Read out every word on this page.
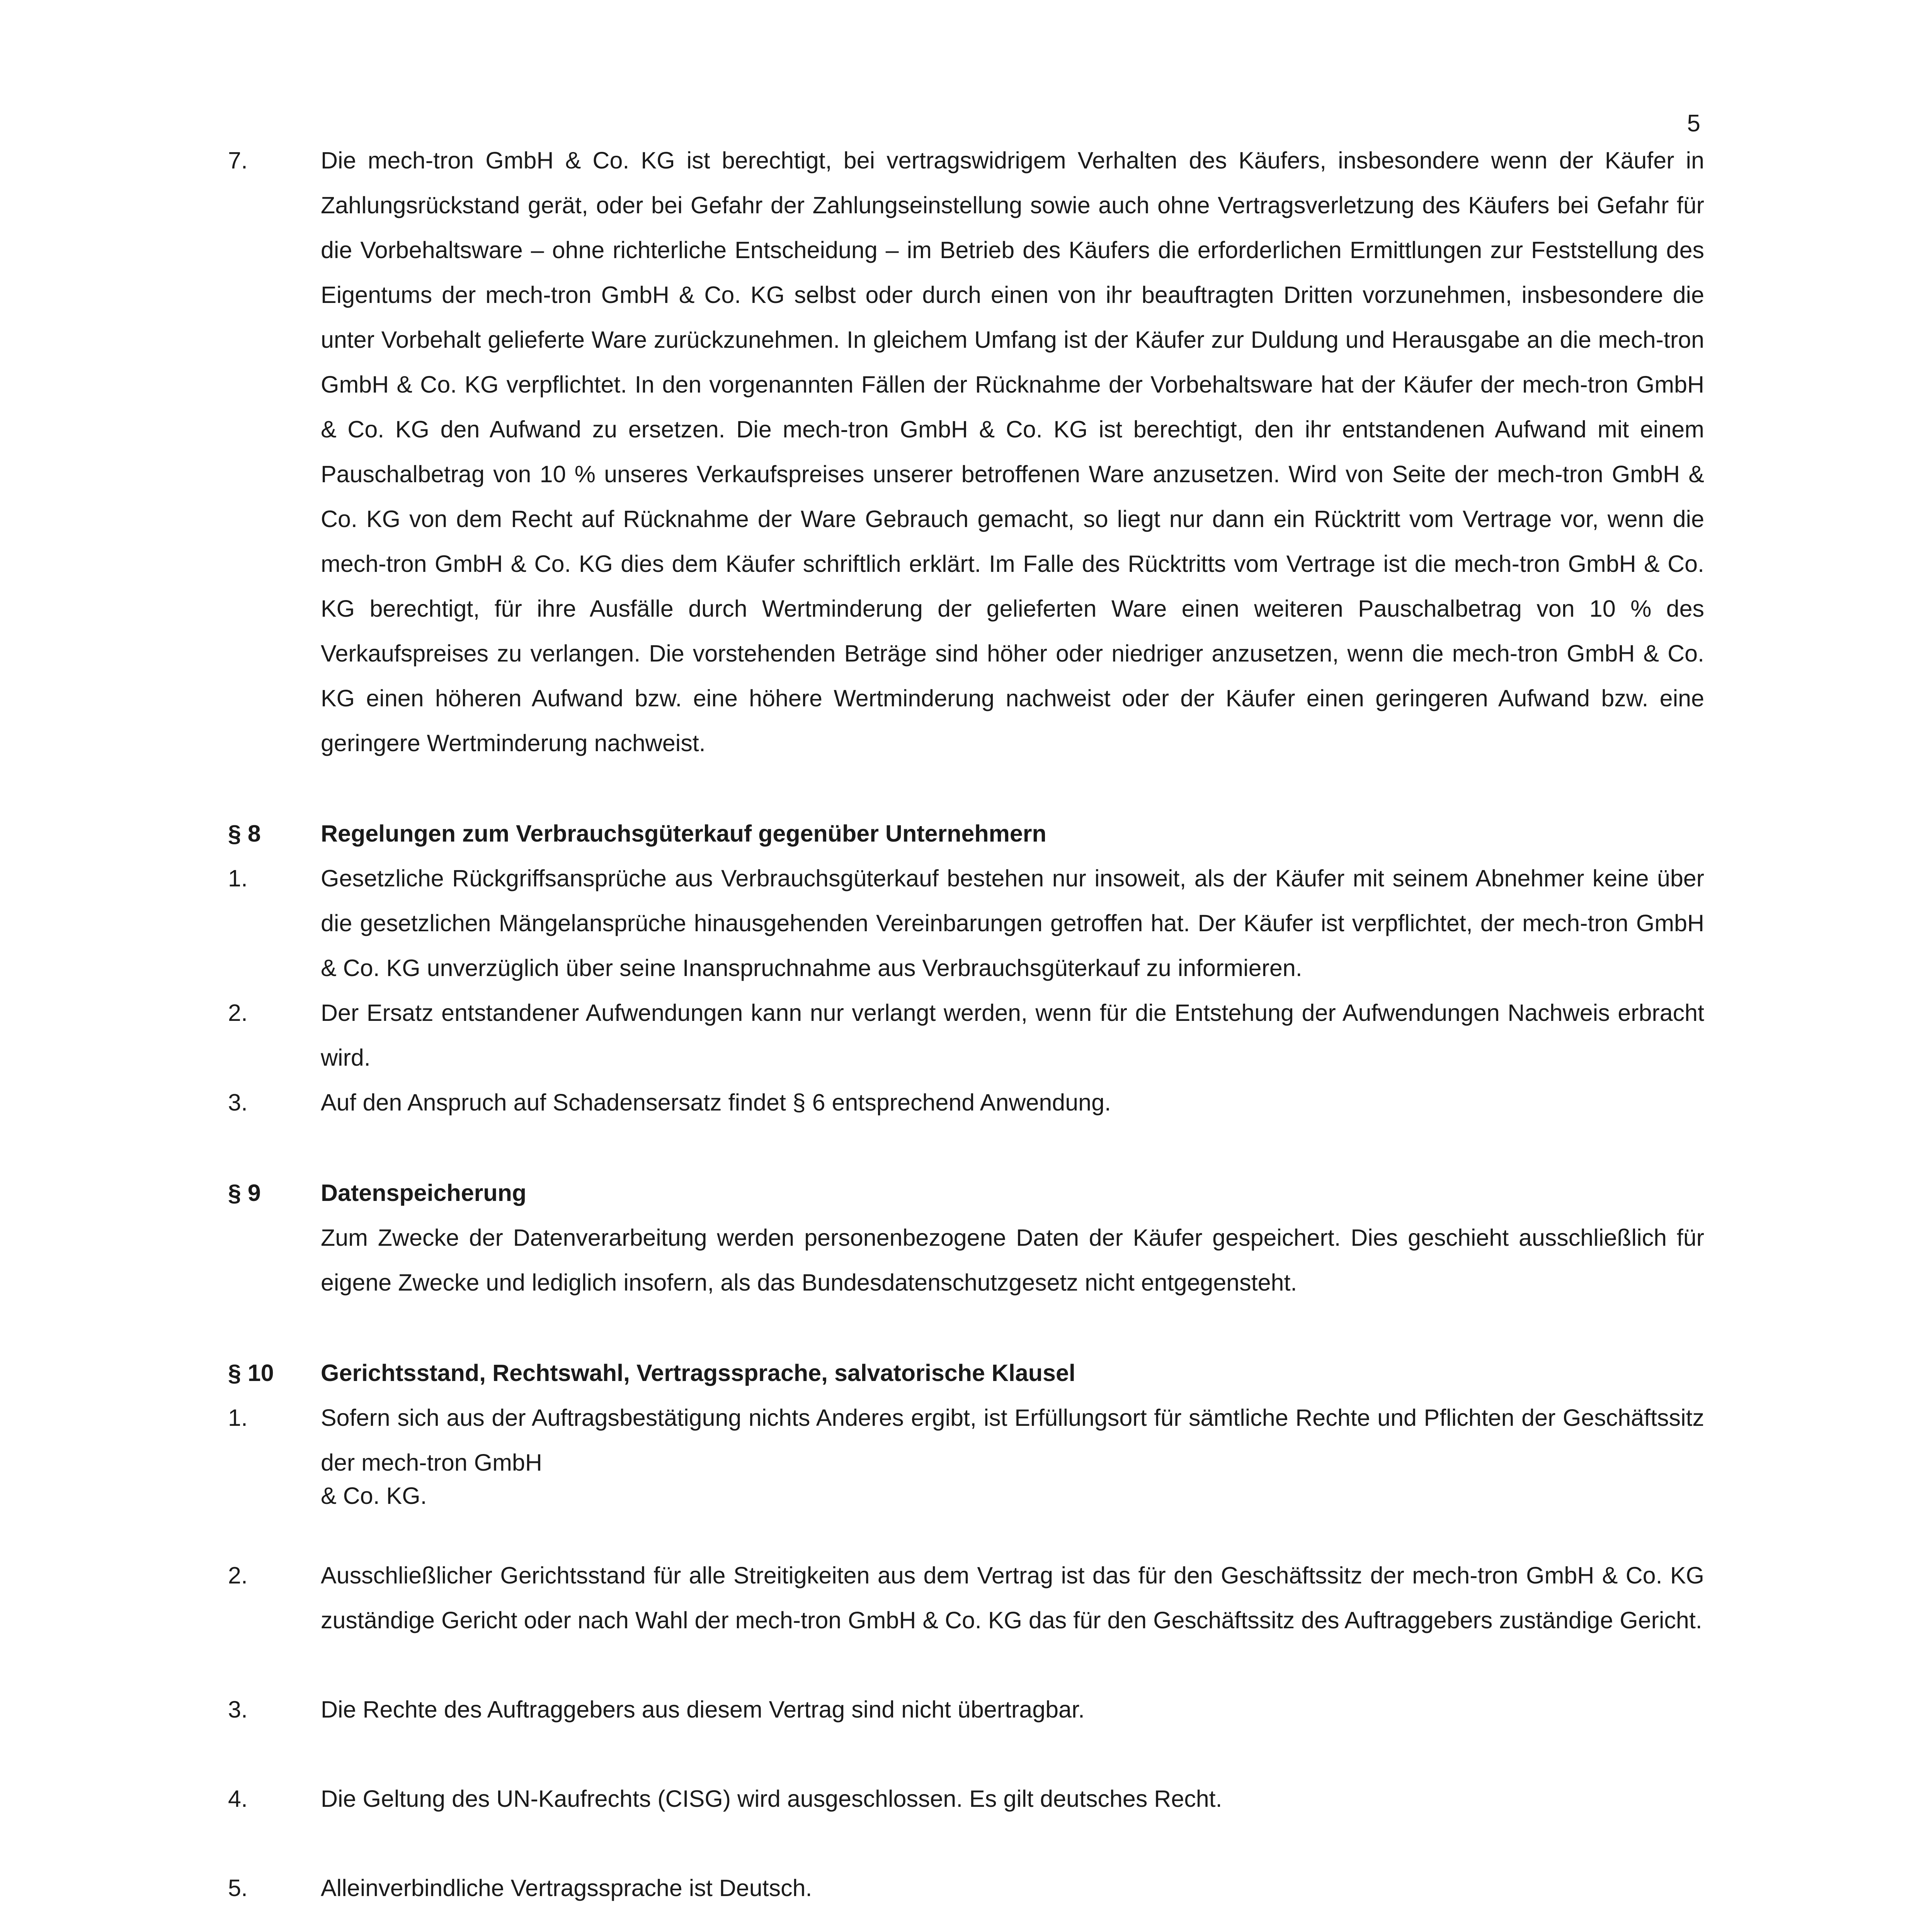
5
7.	Die mech-tron GmbH & Co. KG ist berechtigt, bei vertragswidrigem Verhalten des Käufers, insbesondere wenn der Käufer in Zahlungsrückstand gerät, oder bei Gefahr der Zahlungseinstellung sowie auch ohne Vertragsverletzung des Käufers bei Gefahr für die Vorbehaltsware – ohne richterliche Entscheidung – im Betrieb des Käufers die erforderlichen Ermittlungen zur Feststellung des Eigentums der mech-tron GmbH & Co. KG selbst oder durch einen von ihr beauftragten Dritten vorzunehmen, insbesondere die unter Vorbehalt gelieferte Ware zurückzunehmen. In gleichem Umfang ist der Käufer zur Duldung und Herausgabe an die mech-tron GmbH & Co. KG verpflichtet. In den vorgenannten Fällen der Rücknahme der Vorbehaltsware hat der Käufer der mech-tron GmbH & Co. KG den Aufwand zu ersetzen. Die mech-tron GmbH & Co. KG ist berechtigt, den ihr entstandenen Aufwand mit einem Pauschalbetrag von 10 % unseres Verkaufspreises unserer betroffenen Ware anzusetzen. Wird von Seite der mech-tron GmbH & Co. KG von dem Recht auf Rücknahme der Ware Gebrauch gemacht, so liegt nur dann ein Rücktritt vom Vertrage vor, wenn die mech-tron GmbH & Co. KG dies dem Käufer schriftlich erklärt. Im Falle des Rücktritts vom Vertrage ist die mech-tron GmbH & Co. KG berechtigt, für ihre Ausfälle durch Wertminderung der gelieferten Ware einen weiteren Pauschalbetrag von 10 % des Verkaufspreises zu verlangen. Die vorstehenden Beträge sind höher oder niedriger anzusetzen, wenn die mech-tron GmbH & Co. KG einen höheren Aufwand bzw. eine höhere Wertminderung nachweist oder der Käufer einen geringeren Aufwand bzw. eine geringere Wertminderung nachweist.
§ 8	Regelungen zum Verbrauchsgüterkauf gegenüber Unternehmern
1.	Gesetzliche Rückgriffsansprüche aus Verbrauchsgüterkauf bestehen nur insoweit, als der Käufer mit seinem Abnehmer keine über die gesetzlichen Mängelansprüche hinausgehenden Vereinbarungen getroffen hat. Der Käufer ist verpflichtet, der mech-tron GmbH & Co. KG unverzüglich über seine Inanspruchnahme aus Verbrauchsgüterkauf zu informieren.
2.	Der Ersatz entstandener Aufwendungen kann nur verlangt werden, wenn für die Entstehung der Aufwendungen Nachweis erbracht wird.
3.	Auf den Anspruch auf Schadensersatz findet § 6 entsprechend Anwendung.
§ 9	Datenspeicherung
Zum Zwecke der Datenverarbeitung werden personenbezogene Daten der Käufer gespeichert. Dies geschieht ausschließlich für eigene Zwecke und lediglich insofern, als das Bundesdatenschutzgesetz nicht entgegensteht.
§ 10 Gerichtsstand, Rechtswahl, Vertragssprache, salvatorische Klausel
1.	Sofern sich aus der Auftragsbestätigung nichts Anderes ergibt, ist Erfüllungsort für sämtliche Rechte und Pflichten der Geschäftssitz der mech-tron GmbH
& Co. KG.
2.	Ausschließlicher Gerichtsstand für alle Streitigkeiten aus dem Vertrag ist das für den Geschäftssitz der mech-tron GmbH & Co. KG zuständige Gericht oder nach Wahl der mech-tron GmbH & Co. KG das für den Geschäftssitz des Auftraggebers zuständige Gericht.
3.	Die Rechte des Auftraggebers aus diesem Vertrag sind nicht übertragbar.
4.	Die Geltung des UN-Kaufrechts (CISG) wird ausgeschlossen. Es gilt deutsches Recht.
5.	Alleinverbindliche Vertragssprache ist Deutsch.
